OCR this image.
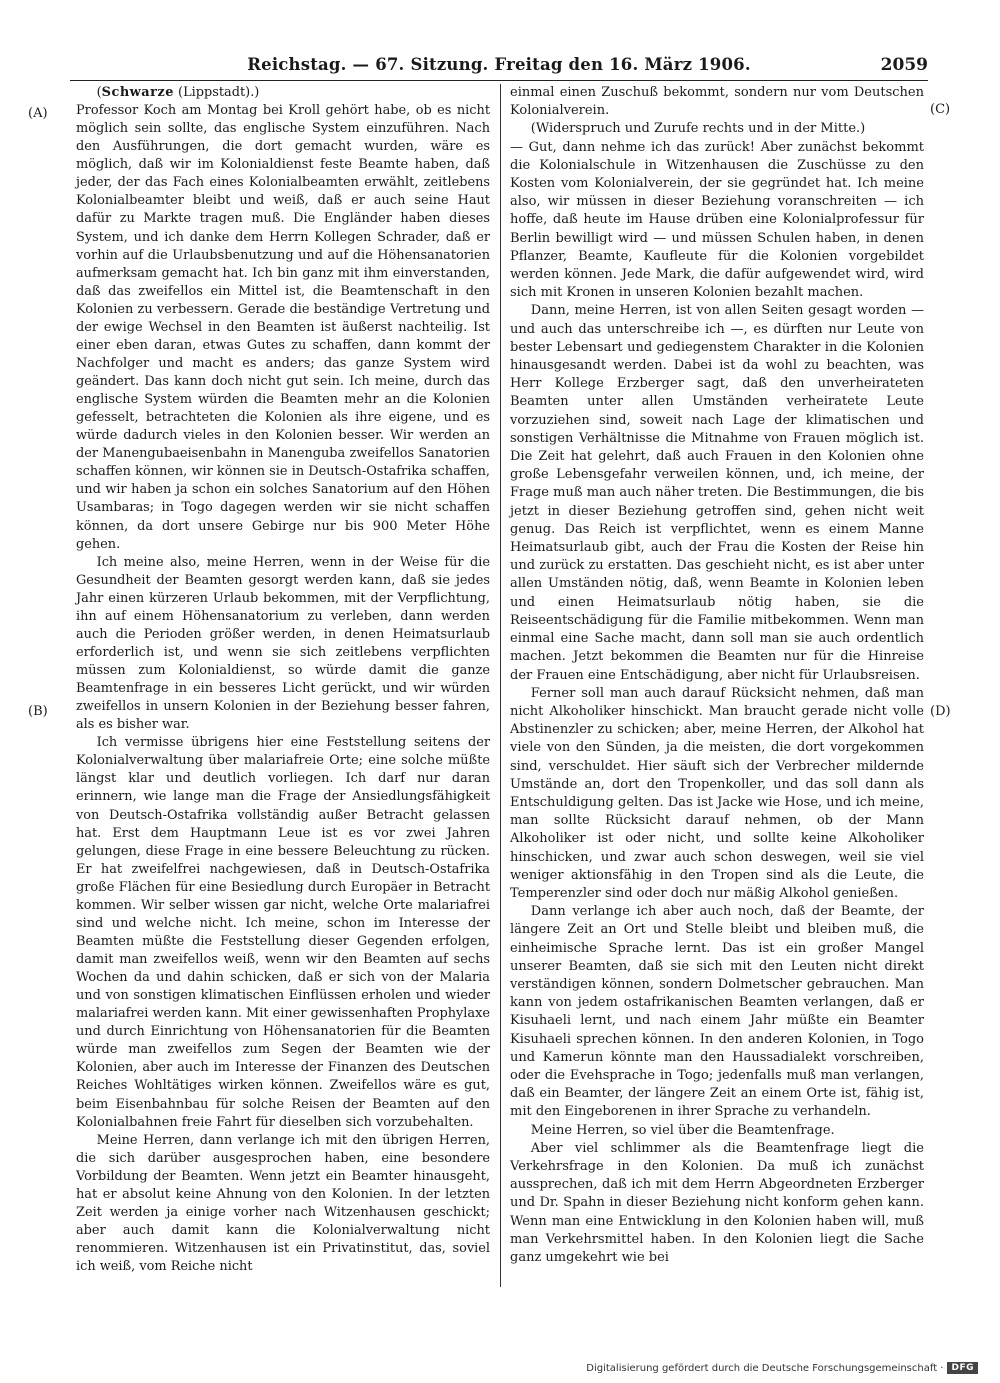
Reichstag. — 67. Sitzung. Freitag den 16. März 1906.	2059
(A)
(B)
(C)
(D)

(Schwarze (Lippstadt).)

Professor Koch am Montag bei Kroll gehört habe, ob es nicht möglich sein sollte, das englische System einzuführen. Nach den Ausführungen, die dort gemacht wurden, wäre es möglich, daß wir im Kolonialdienst feste Beamte haben, daß jeder, der das Fach eines Kolonialbeamten erwählt, zeitlebens Kolonialbeamter bleibt und weiß, daß er auch seine Haut dafür zu Markte tragen muß. Die Engländer haben dieses System, und ich danke dem Herrn Kollegen Schrader, daß er vorhin auf die Urlaubsbenutzung und auf die Höhensanatorien aufmerksam gemacht hat. Ich bin ganz mit ihm einverstanden, daß das zweifellos ein Mittel ist, die Beamtenschaft in den Kolonien zu verbessern. Gerade die beständige Vertretung und der ewige Wechsel in den Beamten ist äußerst nachteilig. Ist einer eben daran, etwas Gutes zu schaffen, dann kommt der Nachfolger und macht es anders; das ganze System wird geändert. Das kann doch nicht gut sein. Ich meine, durch das englische System würden die Beamten mehr an die Kolonien gefesselt, betrachteten die Kolonien als ihre eigene, und es würde dadurch vieles in den Kolonien besser. Wir werden an der Manengubaeisenbahn in Manenguba zweifellos Sanatorien schaffen können, wir können sie in Deutsch-Ostafrika schaffen, und wir haben ja schon ein solches Sanatorium auf den Höhen Usambaras; in Togo dagegen werden wir sie nicht schaffen können, da dort unsere Gebirge nur bis 900 Meter Höhe gehen.

Ich meine also, meine Herren, wenn in der Weise für die Gesundheit der Beamten gesorgt werden kann, daß sie jedes Jahr einen kürzeren Urlaub bekommen, mit der Verpflichtung, ihn auf einem Höhensanatorium zu verleben, dann werden auch die Perioden größer werden, in denen Heimatsurlaub erforderlich ist, und wenn sie sich zeitlebens verpflichten müssen zum Kolonialdienst, so würde damit die ganze Beamtenfrage in ein besseres Licht gerückt, und wir würden zweifellos in unsern Kolonien in der Beziehung besser fahren, als es bisher war.

Ich vermisse übrigens hier eine Feststellung seitens der Kolonialverwaltung über malariafreie Orte; eine solche müßte längst klar und deutlich vorliegen. Ich darf nur daran erinnern, wie lange man die Frage der Ansiedlungsfähigkeit von Deutsch-Ostafrika vollständig außer Betracht gelassen hat. Erst dem Hauptmann Leue ist es vor zwei Jahren gelungen, diese Frage in eine bessere Beleuchtung zu rücken. Er hat zweifelfrei nachgewiesen, daß in Deutsch-Ostafrika große Flächen für eine Besiedlung durch Europäer in Betracht kommen. Wir selber wissen gar nicht, welche Orte malariafrei sind und welche nicht. Ich meine, schon im Interesse der Beamten müßte die Feststellung dieser Gegenden erfolgen, damit man zweifellos weiß, wenn wir den Beamten auf sechs Wochen da und dahin schicken, daß er sich von der Malaria und von sonstigen klimatischen Einflüssen erholen und wieder malariafrei werden kann. Mit einer gewissenhaften Prophylaxe und durch Einrichtung von Höhensanatorien für die Beamten würde man zweifellos zum Segen der Beamten wie der Kolonien, aber auch im Interesse der Finanzen des Deutschen Reiches Wohltätiges wirken können. Zweifellos wäre es gut, beim Eisenbahnbau für solche Reisen der Beamten auf den Kolonialbahnen freie Fahrt für dieselben sich vorzubehalten.

Meine Herren, dann verlange ich mit den übrigen Herren, die sich darüber ausgesprochen haben, eine besondere Vorbildung der Beamten. Wenn jetzt ein Beamter hinausgeht, hat er absolut keine Ahnung von den Kolonien. In der letzten Zeit werden ja einige vorher nach Witzenhausen geschickt; aber auch damit kann die Kolonialverwaltung nicht renommieren. Witzenhausen ist ein Privatinstitut, das, soviel ich weiß, vom Reiche nicht

einmal einen Zuschuß bekommt, sondern nur vom Deutschen Kolonialverein.

(Widerspruch und Zurufe rechts und in der Mitte.)

— Gut, dann nehme ich das zurück! Aber zunächst bekommt die Kolonialschule in Witzenhausen die Zuschüsse zu den Kosten vom Kolonialverein, der sie gegründet hat. Ich meine also, wir müssen in dieser Beziehung voranschreiten — ich hoffe, daß heute im Hause drüben eine Kolonialprofessur für Berlin bewilligt wird — und müssen Schulen haben, in denen Pflanzer, Beamte, Kaufleute für die Kolonien vorgebildet werden können. Jede Mark, die dafür aufgewendet wird, wird sich mit Kronen in unseren Kolonien bezahlt machen.

Dann, meine Herren, ist von allen Seiten gesagt worden — und auch das unterschreibe ich —, es dürften nur Leute von bester Lebensart und gediegenstem Charakter in die Kolonien hinausgesandt werden. Dabei ist da wohl zu beachten, was Herr Kollege Erzberger sagt, daß den unverheirateten Beamten unter allen Umständen verheiratete Leute vorzuziehen sind, soweit nach Lage der klimatischen und sonstigen Verhältnisse die Mitnahme von Frauen möglich ist. Die Zeit hat gelehrt, daß auch Frauen in den Kolonien ohne große Lebensgefahr verweilen können, und, ich meine, der Frage muß man auch näher treten. Die Bestimmungen, die bis jetzt in dieser Beziehung getroffen sind, gehen nicht weit genug. Das Reich ist verpflichtet, wenn es einem Manne Heimatsurlaub gibt, auch der Frau die Kosten der Reise hin und zurück zu erstatten. Das geschieht nicht, es ist aber unter allen Umständen nötig, daß, wenn Beamte in Kolonien leben und einen Heimatsurlaub nötig haben, sie die Reiseentschädigung für die Familie mitbekommen. Wenn man einmal eine Sache macht, dann soll man sie auch ordentlich machen. Jetzt bekommen die Beamten nur für die Hinreise der Frauen eine Entschädigung, aber nicht für Urlaubsreisen.

Ferner soll man auch darauf Rücksicht nehmen, daß man nicht Alkoholiker hinschickt. Man braucht gerade nicht volle Abstinenzler zu schicken; aber, meine Herren, der Alkohol hat viele von den Sünden, ja die meisten, die dort vorgekommen sind, verschuldet. Hier säuft sich der Verbrecher mildernde Umstände an, dort den Tropenkoller, und das soll dann als Entschuldigung gelten. Das ist Jacke wie Hose, und ich meine, man sollte Rücksicht darauf nehmen, ob der Mann Alkoholiker ist oder nicht, und sollte keine Alkoholiker hinschicken, und zwar auch schon deswegen, weil sie viel weniger aktionsfähig in den Tropen sind als die Leute, die Temperenzler sind oder doch nur mäßig Alkohol genießen.

Dann verlange ich aber auch noch, daß der Beamte, der längere Zeit an Ort und Stelle bleibt und bleiben muß, die einheimische Sprache lernt. Das ist ein großer Mangel unserer Beamten, daß sie sich mit den Leuten nicht direkt verständigen können, sondern Dolmetscher gebrauchen. Man kann von jedem ostafrikanischen Beamten verlangen, daß er Kisuhaeli lernt, und nach einem Jahr müßte ein Beamter Kisuhaeli sprechen können. In den anderen Kolonien, in Togo und Kamerun könnte man den Haussadialekt vorschreiben, oder die Evehsprache in Togo; jedenfalls muß man verlangen, daß ein Beamter, der längere Zeit an einem Orte ist, fähig ist, mit den Eingeborenen in ihrer Sprache zu verhandeln.

Meine Herren, so viel über die Beamtenfrage.

Aber viel schlimmer als die Beamtenfrage liegt die Verkehrsfrage in den Kolonien. Da muß ich zunächst aussprechen, daß ich mit dem Herrn Abgeordneten Erzberger und Dr. Spahn in dieser Beziehung nicht konform gehen kann. Wenn man eine Entwicklung in den Kolonien haben will, muß man Verkehrsmittel haben. In den Kolonien liegt die Sache ganz umgekehrt wie bei

Digitalisierung gefördert durch die Deutsche Forschungsgemeinschaft · DFG
